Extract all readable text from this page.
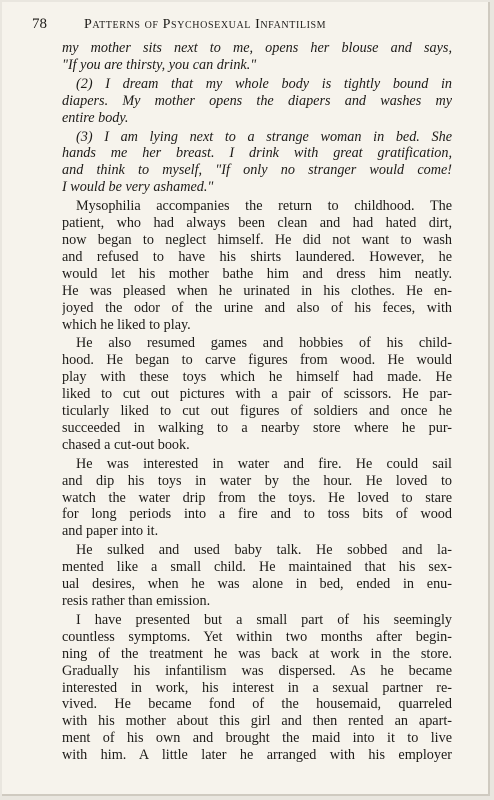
78	Patterns of Psychosexual Infantilism
my mother sits next to me, opens her blouse and says,
"If you are thirsty, you can drink."
(2) I dream that my whole body is tightly bound in
diapers. My mother opens the diapers and washes my
entire body.
(3) I am lying next to a strange woman in bed. She
hands me her breast. I drink with great gratification,
and think to myself, "If only no stranger would come!
I would be very ashamed."
Mysophilia accompanies the return to childhood. The
patient, who had always been clean and had hated dirt,
now began to neglect himself. He did not want to wash
and refused to have his shirts laundered. However, he
would let his mother bathe him and dress him neatly.
He was pleased when he urinated in his clothes. He en-
joyed the odor of the urine and also of his feces, with
which he liked to play.
He also resumed games and hobbies of his child-
hood. He began to carve figures from wood. He would
play with these toys which he himself had made. He
liked to cut out pictures with a pair of scissors. He par-
ticularly liked to cut out figures of soldiers and once he
succeeded in walking to a nearby store where he pur-
chased a cut-out book.
He was interested in water and fire. He could sail
and dip his toys in water by the hour. He loved to
watch the water drip from the toys. He loved to stare
for long periods into a fire and to toss bits of wood
and paper into it.
He sulked and used baby talk. He sobbed and la-
mented like a small child. He maintained that his sex-
ual desires, when he was alone in bed, ended in enu-
resis rather than emission.
I have presented but a small part of his seemingly
countless symptoms. Yet within two months after begin-
ning of the treatment he was back at work in the store.
Gradually his infantilism was dispersed. As he became
interested in work, his interest in a sexual partner re-
vived. He became fond of the housemaid, quarreled
with his mother about this girl and then rented an apart-
ment of his own and brought the maid into it to live
with him. A little later he arranged with his employer
